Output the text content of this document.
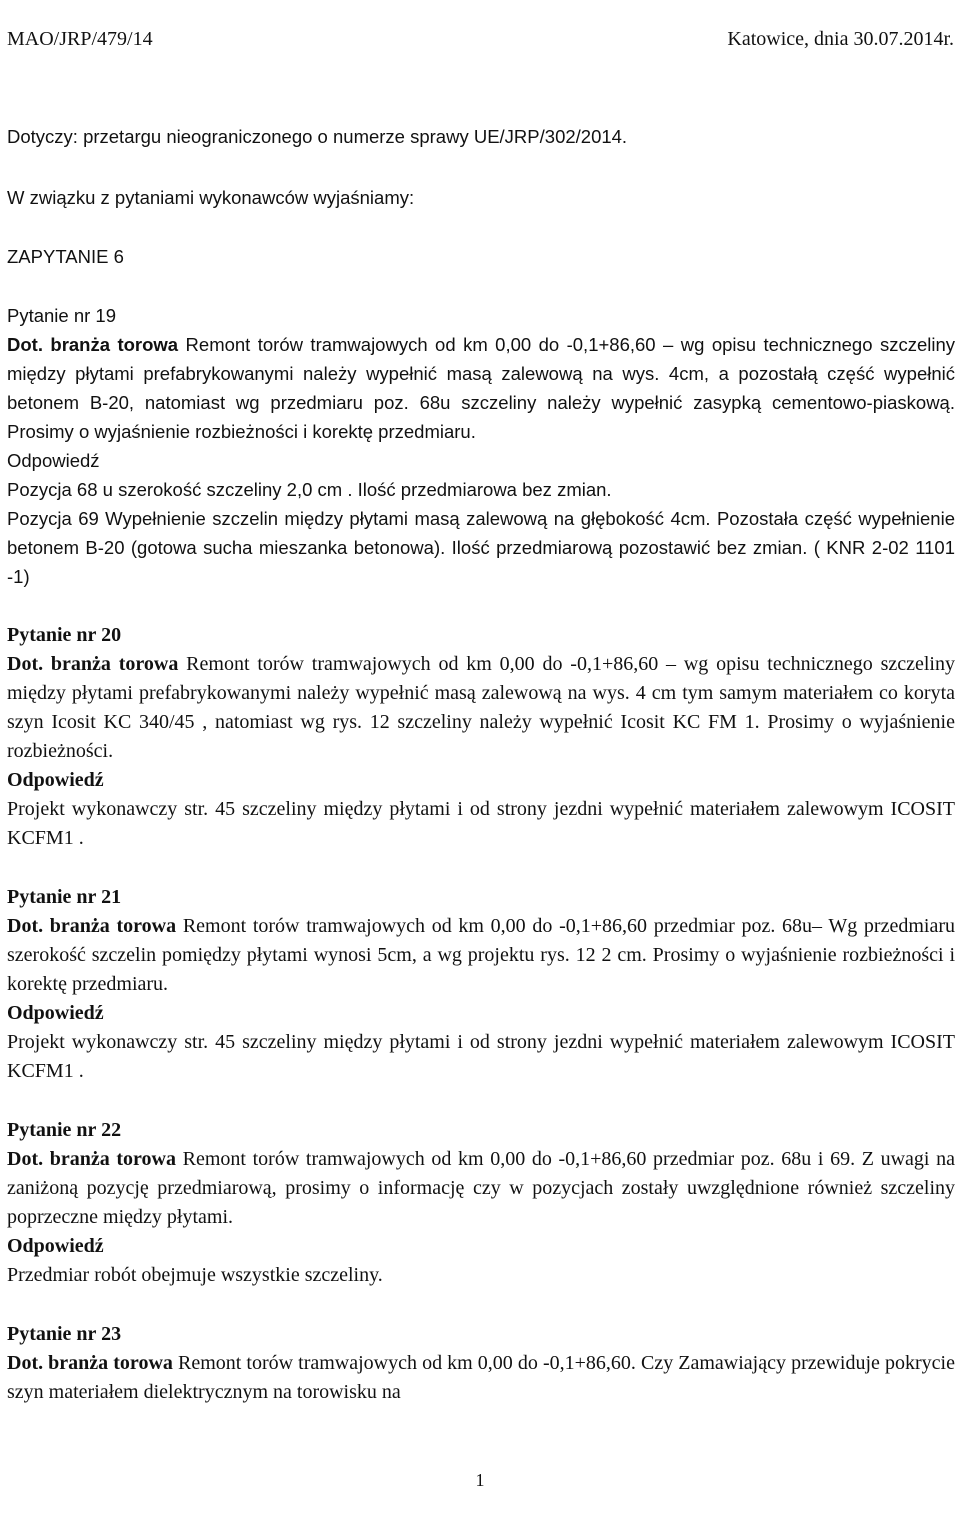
MAO/JRP/479/14	Katowice, dnia 30.07.2014r.

Dotyczy: przetargu nieograniczonego o numerze sprawy UE/JRP/302/2014.

W związku z pytaniami wykonawców wyjaśniamy:

ZAPYTANIE 6

Pytanie nr 19

Dot. branża torowa Remont torów tramwajowych od km 0,00 do -0,1+86,60 – wg opisu technicznego szczeliny między płytami prefabrykowanymi należy wypełnić masą zalewową na wys. 4cm, a pozostałą część wypełnić betonem B-20, natomiast wg przedmiaru poz. 68u szczeliny należy wypełnić zasypką cementowo-piaskową. Prosimy o wyjaśnienie rozbieżności i korektę przedmiaru.

Odpowiedź

Pozycja 68 u szerokość szczeliny 2,0 cm . Ilość przedmiarowa bez zmian.

Pozycja 69 Wypełnienie szczelin między płytami masą zalewową na głębokość 4cm. Pozostała część wypełnienie betonem B-20 (gotowa sucha mieszanka betonowa). Ilość przedmiarową pozostawić bez zmian. ( KNR 2-02 1101 -1)

Pytanie nr 20

Dot. branża torowa Remont torów tramwajowych od km 0,00 do -0,1+86,60 – wg opisu technicznego szczeliny między płytami prefabrykowanymi należy wypełnić masą zalewową na wys. 4 cm tym samym materiałem co koryta szyn Icosit KC 340/45 , natomiast wg rys. 12 szczeliny należy wypełnić Icosit KC FM 1. Prosimy o wyjaśnienie rozbieżności.

Odpowiedź

Projekt wykonawczy str. 45 szczeliny między płytami i od strony jezdni wypełnić materiałem zalewowym ICOSIT KCFM1 .

Pytanie nr 21

Dot. branża torowa Remont torów tramwajowych od km 0,00 do -0,1+86,60 przedmiar poz. 68u– Wg przedmiaru szerokość szczelin pomiędzy płytami wynosi 5cm, a wg projektu rys. 12 2 cm. Prosimy o wyjaśnienie rozbieżności i korektę przedmiaru.

Odpowiedź

Projekt wykonawczy str. 45 szczeliny między płytami i od strony jezdni wypełnić materiałem zalewowym ICOSIT KCFM1 .

Pytanie nr 22

Dot. branża torowa Remont torów tramwajowych od km 0,00 do -0,1+86,60 przedmiar poz. 68u i 69. Z uwagi na zaniżoną pozycję przedmiarową, prosimy o informację czy w pozycjach zostały uwzględnione również szczeliny poprzeczne między płytami.

Odpowiedź

Przedmiar robót obejmuje wszystkie szczeliny.

Pytanie nr 23

Dot. branża torowa Remont torów tramwajowych od km 0,00 do -0,1+86,60. Czy Zamawiający przewiduje pokrycie szyn materiałem dielektrycznym na torowisku na

1
